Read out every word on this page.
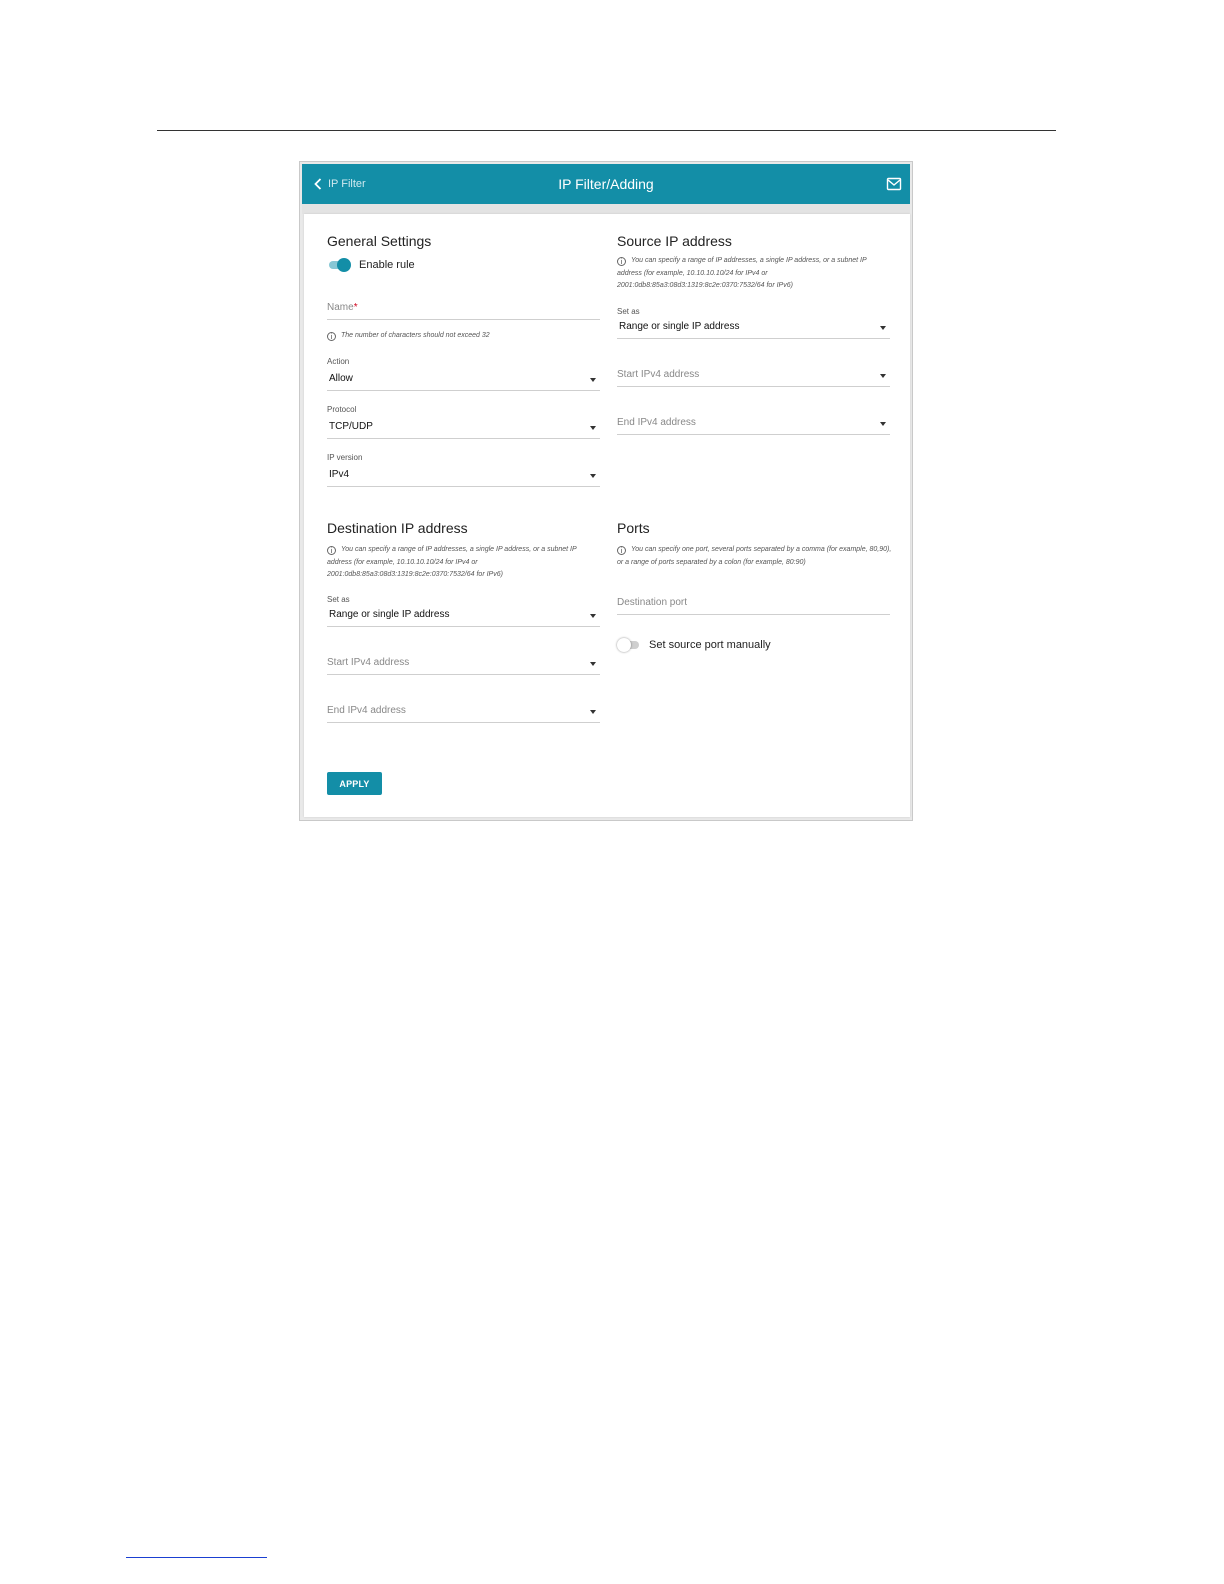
IP Filter	IP Filter/Adding
General Settings
Enable rule
Name*
i The number of characters should not exceed 32
Action
Allow
Protocol
TCP/UDP
IP version
IPv4
Source IP address
i You can specify a range of IP addresses, a single IP address, or a subnet IP address (for example, 10.10.10.10/24 for IPv4 or 2001:0db8:85a3:08d3:1319:8c2e:0370:7532/64 for IPv6)
Set as
Range or single IP address
Start IPv4 address
End IPv4 address
Destination IP address
i You can specify a range of IP addresses, a single IP address, or a subnet IP address (for example, 10.10.10.10/24 for IPv4 or 2001:0db8:85a3:08d3:1319:8c2e:0370:7532/64 for IPv6)
Set as
Range or single IP address
Start IPv4 address
End IPv4 address
Ports
i You can specify one port, several ports separated by a comma (for example, 80,90), or a range of ports separated by a colon (for example, 80:90)
Destination port
Set source port manually
APPLY
